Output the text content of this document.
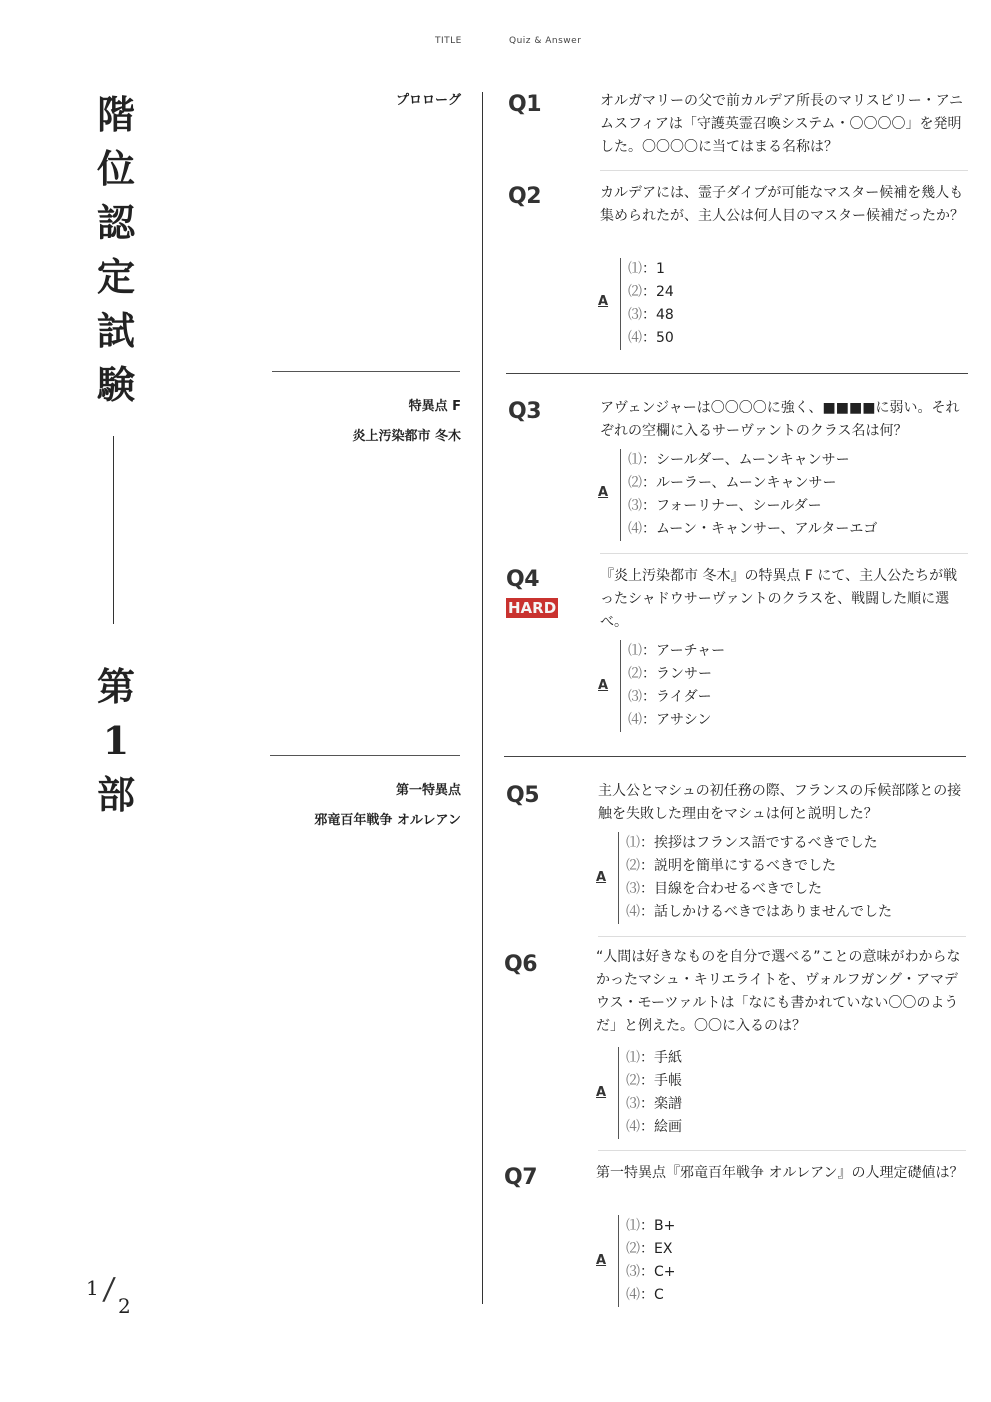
TITLE	Quiz & Answer
階
位
認
定
試
験
第
1
部
1 / 2
プロローグ
特異点 F
炎上汚染都市 冬木
第一特異点
邪竜百年戦争 オルレアン
Q1	オルガマリーの父で前カルデア所長のマリスビリー・アニムスフィアは「守護英霊召喚システム・〇〇〇〇」を発明した。〇〇〇〇に当てはまる名称は？
Q2	カルデアには、霊子ダイブが可能なマスター候補を幾人も集められたが、主人公は何人目のマスター候補だったか？
A
⑴：1
⑵：24
⑶：48
⑷：50
Q3	アヴェンジャーは〇〇〇〇に強く、■■■■に弱い。それぞれの空欄に入るサーヴァントのクラス名は何？
A
⑴：シールダー、ムーンキャンサー
⑵：ルーラー、ムーンキャンサー
⑶：フォーリナー、シールダー
⑷：ムーン・キャンサー、アルターエゴ
Q4
HARD
『炎上汚染都市 冬木』の特異点 F にて、主人公たちが戦ったシャドウサーヴァントのクラスを、戦闘した順に選べ。
A
⑴：アーチャー
⑵：ランサー
⑶：ライダー
⑷：アサシン
Q5	主人公とマシュの初任務の際、フランスの斥候部隊との接触を失敗した理由をマシュは何と説明した？
A
⑴：挨拶はフランス語でするべきでした
⑵：説明を簡単にするべきでした
⑶：目線を合わせるべきでした
⑷：話しかけるべきではありませんでした
Q6	“人間は好きなものを自分で選べる”ことの意味がわからなかったマシュ・キリエライトを、ヴォルフガング・アマデウス・モーツァルトは「なにも書かれていない〇〇のようだ」と例えた。〇〇に入るのは？
A
⑴：手紙
⑵：手帳
⑶：楽譜
⑷：絵画
Q7	第一特異点『邪竜百年戦争 オルレアン』の人理定礎値は？
A
⑴：B+
⑵：EX
⑶：C+
⑷：C
